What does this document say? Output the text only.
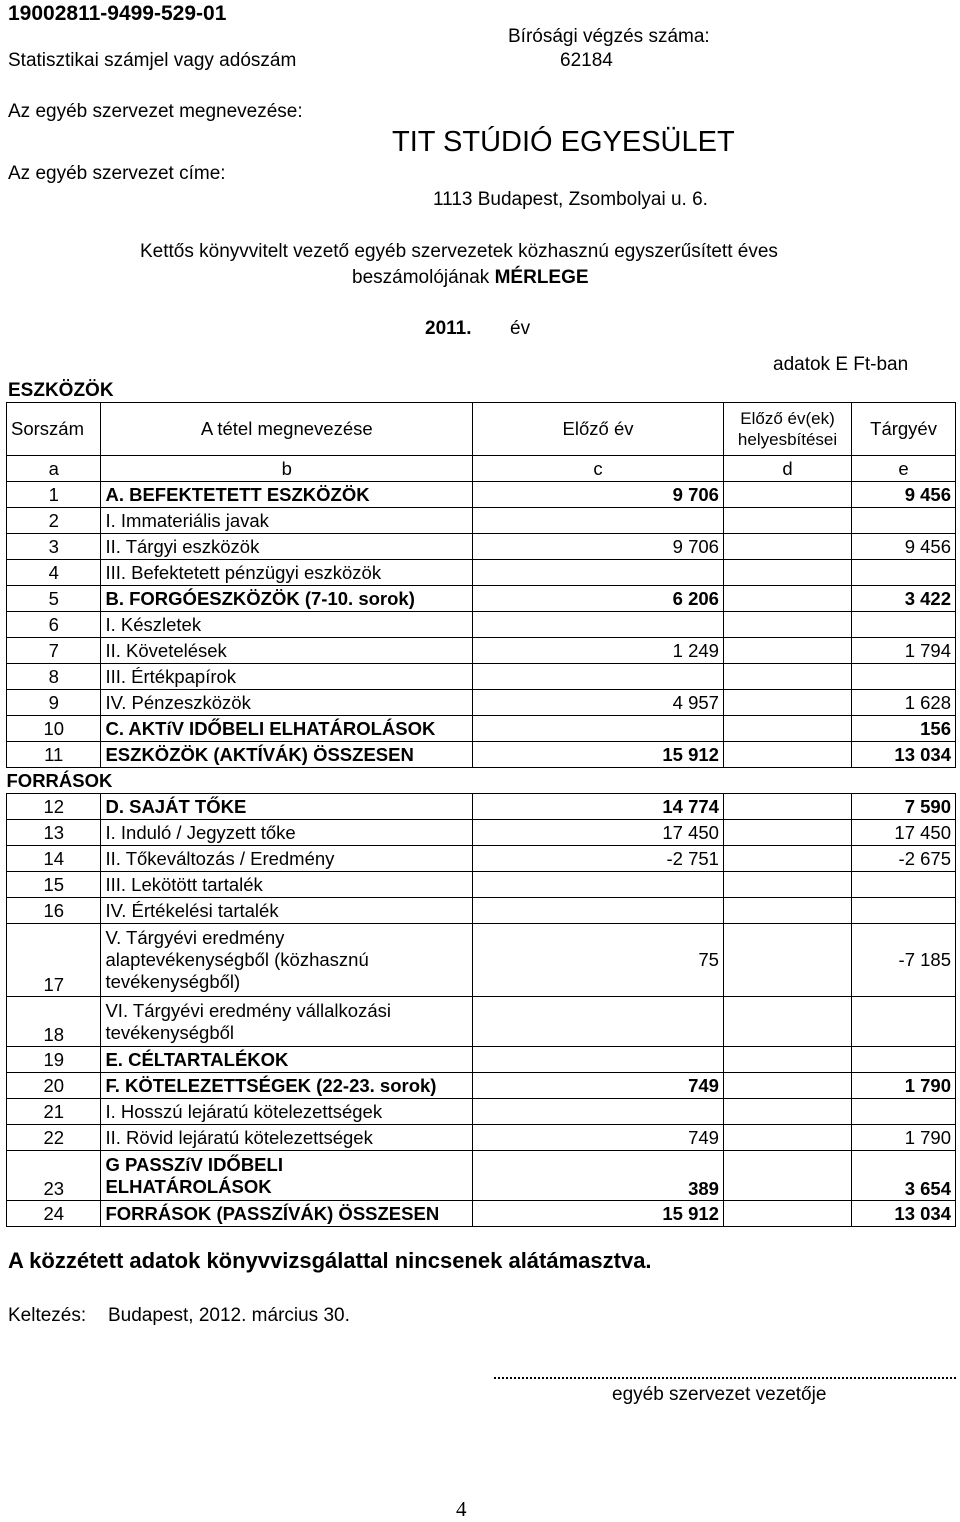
19002811-9499-529-01
Statisztikai számjel vagy adószám
Bírósági végzés száma:
62184
Az egyéb szervezet megnevezése:
TIT STÚDIÓ EGYESÜLET
Az egyéb szervezet címe:
1113 Budapest, Zsombolyai u. 6.
Kettős könyvvitelt vezető egyéb szervezetek közhasznú egyszerűsített éves
beszámolójának MÉRLEGE
2011. év
adatok E Ft-ban
ESZKÖZÖK
Sorszám	A tétel megnevezése	Előző év	Előző év(ek)
helyesbítései	Tárgyév
a	b	c	d	e
1	A. BEFEKTETETT ESZKÖZÖK	9 706		9 456
2	I. Immateriális javak			
3	II. Tárgyi eszközök	9 706		9 456
4	III. Befektetett pénzügyi eszközök			
5	B. FORGÓESZKÖZÖK (7-10. sorok)	6 206		3 422
6	I. Készletek			
7	II. Követelések	1 249		1 794
8	III. Értékpapírok			
9	IV. Pénzeszközök	4 957		1 628
10	C. AKTíV IDŐBELI ELHATÁROLÁSOK			156
11	ESZKÖZÖK (AKTÍVÁK) ÖSSZESEN	15 912		13 034
FORRÁSOK				
12	D. SAJÁT TŐKE	14 774		7 590
13	I. Induló / Jegyzett tőke	17 450		17 450
14	II. Tőkeváltozás / Eredmény	-2 751		-2 675
15	III. Lekötött tartalék			
16	IV. Értékelési tartalék			
17	V. Tárgyévi eredmény
alaptevékenységből (közhasznú
tevékenységből)	75		-7 185
18	VI. Tárgyévi eredmény vállalkozási
tevékenységből			
19	E. CÉLTARTALÉKOK			
20	F. KÖTELEZETTSÉGEK (22-23. sorok)	749		1 790
21	I. Hosszú lejáratú kötelezettségek			
22	II. Rövid lejáratú kötelezettségek	749		1 790
23	G PASSZíV IDŐBELI
ELHATÁROLÁSOK	389		3 654
24	FORRÁSOK (PASSZÍVÁK) ÖSSZESEN	15 912		13 034
A közzétett adatok könyvvizsgálattal nincsenek alátámasztva.
Keltezés: Budapest, 2012. március 30.
egyéb szervezet vezetője
4
